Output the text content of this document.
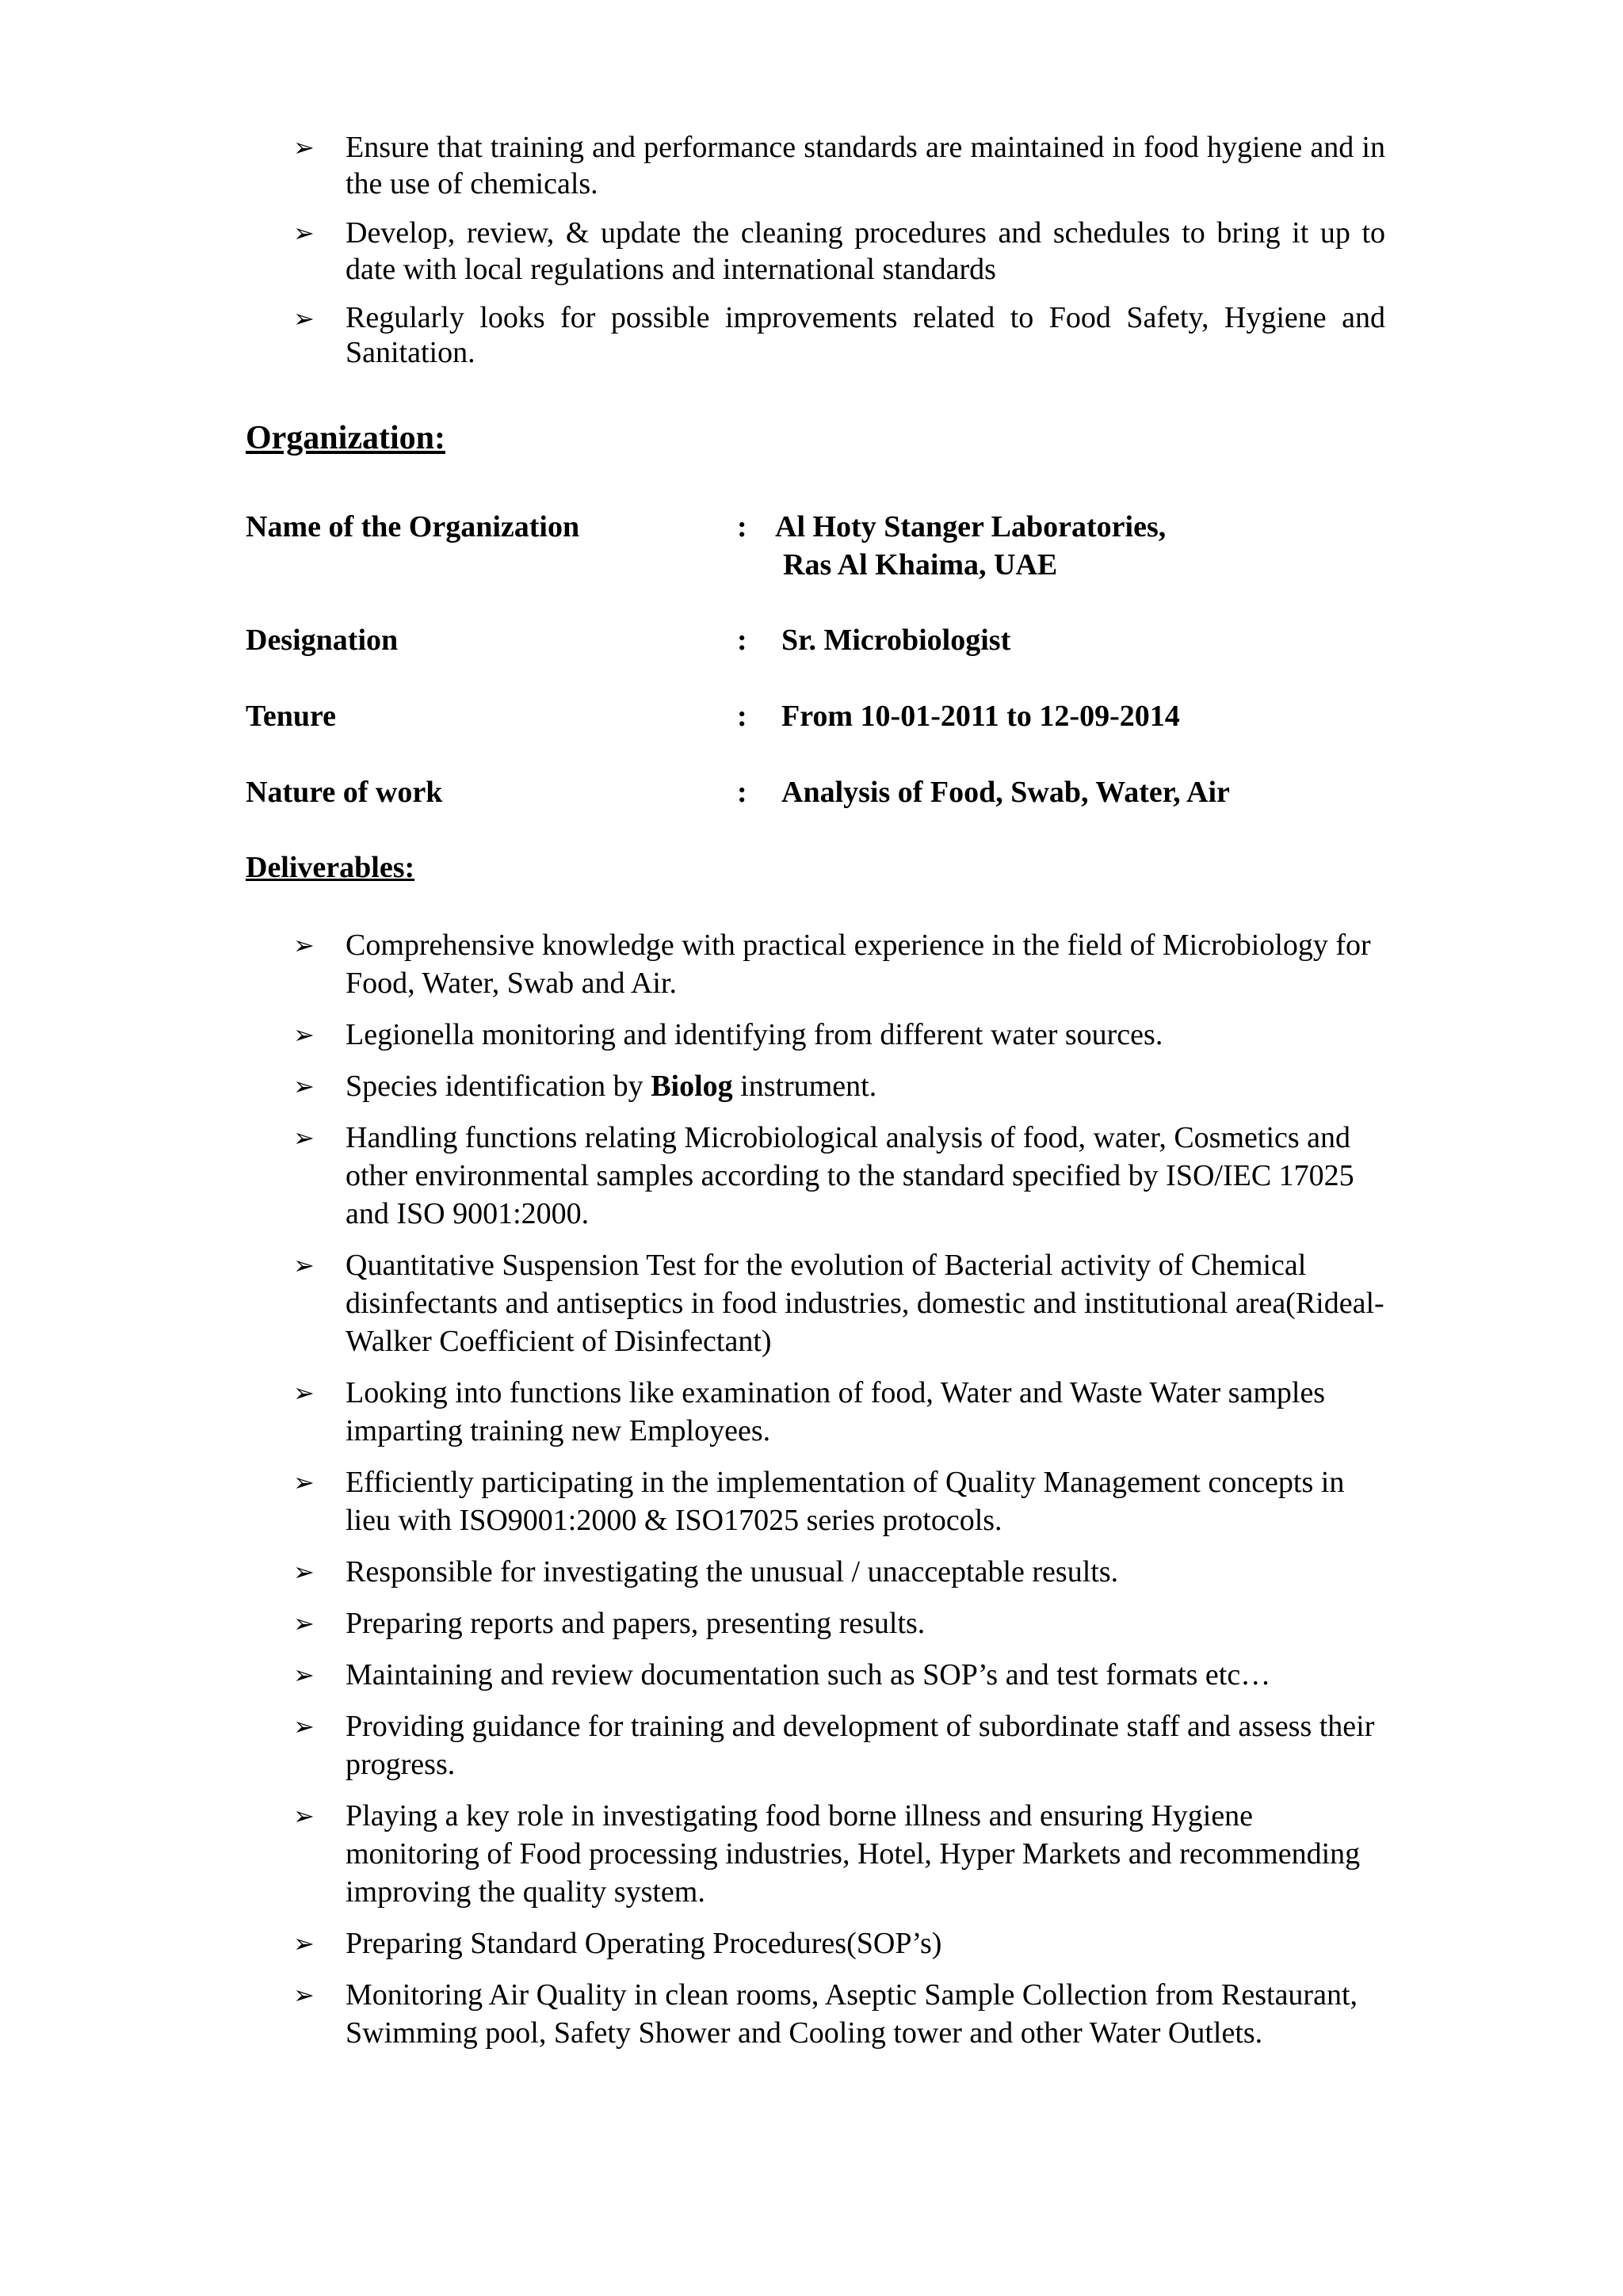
➢ Ensure that training and performance standards are maintained in food hygiene and in the use of chemicals.
➢ Develop, review, & update the cleaning procedures and schedules to bring it up to date with local regulations and international standards
➢ Regularly looks for possible improvements related to Food Safety, Hygiene and Sanitation.
Organization:
Name of the Organization	: Al Hoty Stanger Laboratories,
Ras Al Khaima, UAE
Designation	: Sr. Microbiologist
Tenure	: From 10-01-2011 to 12-09-2014
Nature of work	: Analysis of Food, Swab, Water, Air
Deliverables:
➢ Comprehensive knowledge with practical experience in the field of Microbiology for Food, Water, Swab and Air.
➢ Legionella monitoring and identifying from different water sources.
➢ Species identification by Biolog instrument.
➢ Handling functions relating Microbiological analysis of food, water, Cosmetics and other environmental samples according to the standard specified by ISO/IEC 17025 and ISO 9001:2000.
➢ Quantitative Suspension Test for the evolution of Bacterial activity of Chemical disinfectants and antiseptics in food industries, domestic and institutional area(Rideal-Walker Coefficient of Disinfectant)
➢ Looking into functions like examination of food, Water and Waste Water samples imparting training new Employees.
➢ Efficiently participating in the implementation of Quality Management concepts in lieu with ISO9001:2000 & ISO17025 series protocols.
➢ Responsible for investigating the unusual / unacceptable results.
➢ Preparing reports and papers, presenting results.
➢ Maintaining and review documentation such as SOP’s and test formats etc…
➢ Providing guidance for training and development of subordinate staff and assess their progress.
➢ Playing a key role in investigating food borne illness and ensuring Hygiene monitoring of Food processing industries, Hotel, Hyper Markets and recommending improving the quality system.
➢ Preparing Standard Operating Procedures(SOP’s)
➢ Monitoring Air Quality in clean rooms, Aseptic Sample Collection from Restaurant, Swimming pool, Safety Shower and Cooling tower and other Water Outlets.
